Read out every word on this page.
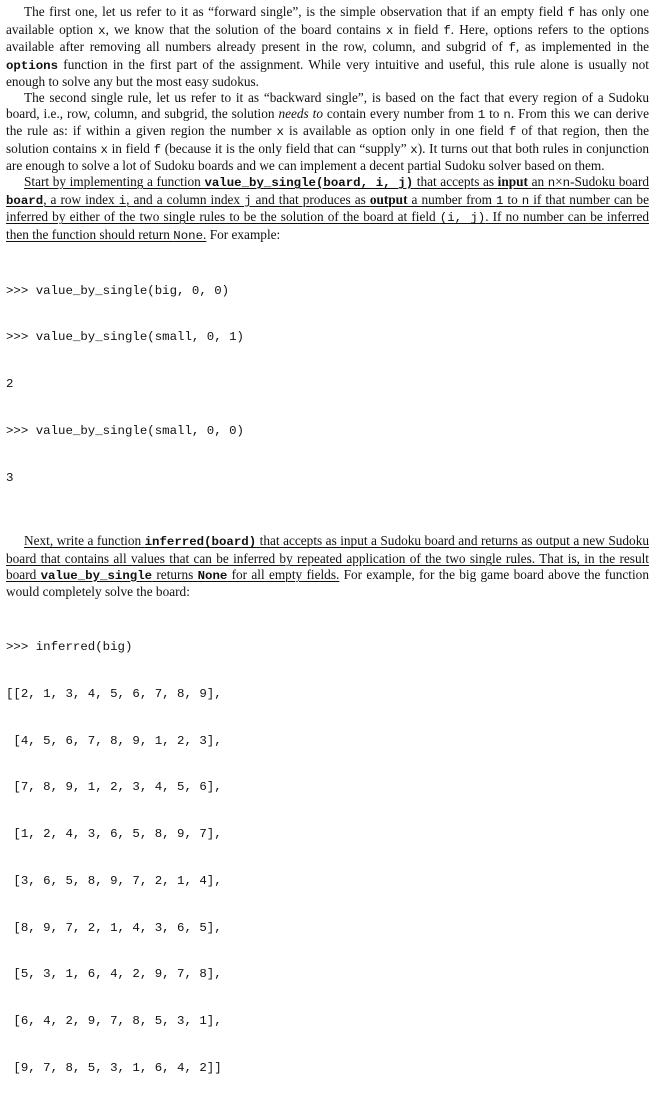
The first one, let us refer to it as “forward single”, is the simple observation that if an empty field f has only one available option x, we know that the solution of the board contains x in field f. Here, options refers to the options available after removing all numbers already present in the row, column, and subgrid of f, as implemented in the options function in the first part of the assignment. While very intuitive and useful, this rule alone is usually not enough to solve any but the most easy sudokus.

The second single rule, let us refer to it as “backward single”, is based on the fact that every region of a Sudoku board, i.e., row, column, and subgrid, the solution needs to contain every number from 1 to n. From this we can derive the rule as: if within a given region the number x is available as option only in one field f of that region, then the solution contains x in field f (because it is the only field that can “supply” x). It turns out that both rules in conjunction are enough to solve a lot of Sudoku boards and we can implement a decent partial Sudoku solver based on them.

Start by implementing a function value_by_single(board, i, j) that accepts as input an n×n-Sudoku board board, a row index i, and a column index j and that produces as output a number from 1 to n if that number can be inferred by either of the two single rules to be the solution of the board at field (i, j). If no number can be inferred then the function should return None. For example:

>>> value_by_single(big, 0, 0)

>>> value_by_single(small, 0, 1)

2

>>> value_by_single(small, 0, 0)

3

Next, write a function inferred(board) that accepts as input a Sudoku board and returns as output a new Sudoku board that contains all values that can be inferred by repeated application of the two single rules. That is, in the result board value_by_single returns None for all empty fields. For example, for the big game board above the function would completely solve the board:

>>> inferred(big)

[[2, 1, 3, 4, 5, 6, 7, 8, 9],

[4, 5, 6, 7, 8, 9, 1, 2, 3],

[7, 8, 9, 1, 2, 3, 4, 5, 6],

[1, 2, 4, 3, 6, 5, 8, 9, 7],

[3, 6, 5, 8, 9, 7, 2, 1, 4],

[8, 9, 7, 2, 1, 4, 3, 6, 5],

[5, 3, 1, 6, 4, 2, 9, 7, 8],

[6, 4, 2, 9, 7, 8, 5, 3, 1],

[9, 7, 8, 5, 3, 1, 6, 4, 2]]
